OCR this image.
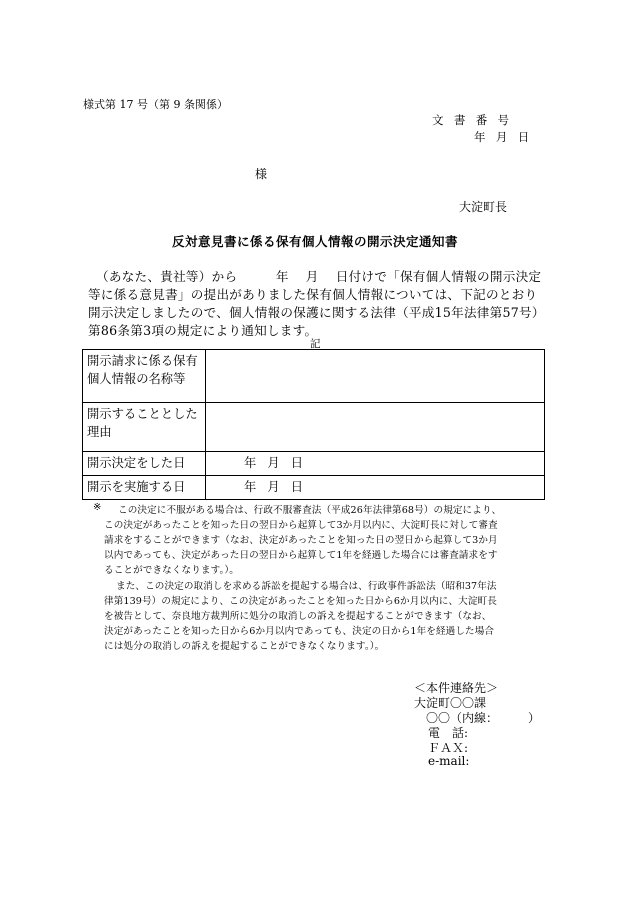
様式第 17 号（第 9 条関係）
文書番号
年月日
様
大淀町長
反対意見書に係る保有個人情報の開示決定通知書
（あなた、貴社等）から　　　年　 月　 日付けで「保有個人情報の開示決定
等に係る意見書」の提出がありました保有個人情報については、下記のとおり
開示決定しましたので、個人情報の保護に関する法律（平成15年法律第57号）
第86条第3項の規定により通知します。
記
開示請求に係る保有個人情報の名称等	

開示することとした理由	

開示決定をした日	年月日

開示を実施する日	年月日
※ この決定に不服がある場合は、行政不服審査法（平成26年法律第68号）の規定により、
この決定があったことを知った日の翌日から起算して3か月以内に、大淀町長に対して審査
請求をすることができます（なお、決定があったことを知った日の翌日から起算して3か月
以内であっても、決定があった日の翌日から起算して1年を経過した場合には審査請求をす
ることができなくなります。）。
また、この決定の取消しを求める訴訟を提起する場合は、行政事件訴訟法（昭和37年法
律第139号）の規定により、この決定があったことを知った日から6か月以内に、大淀町長
を被告として、奈良地方裁判所に処分の取消しの訴えを提起することができます（なお、
決定があったことを知った日から6か月以内であっても、決定の日から1年を経過した場合
には処分の取消しの訴えを提起することができなくなります。）。
＜本件連絡先＞
大淀町〇〇課
〇〇（内線：　　　）
電　話:
ＦＡＸ:
e-mail:
